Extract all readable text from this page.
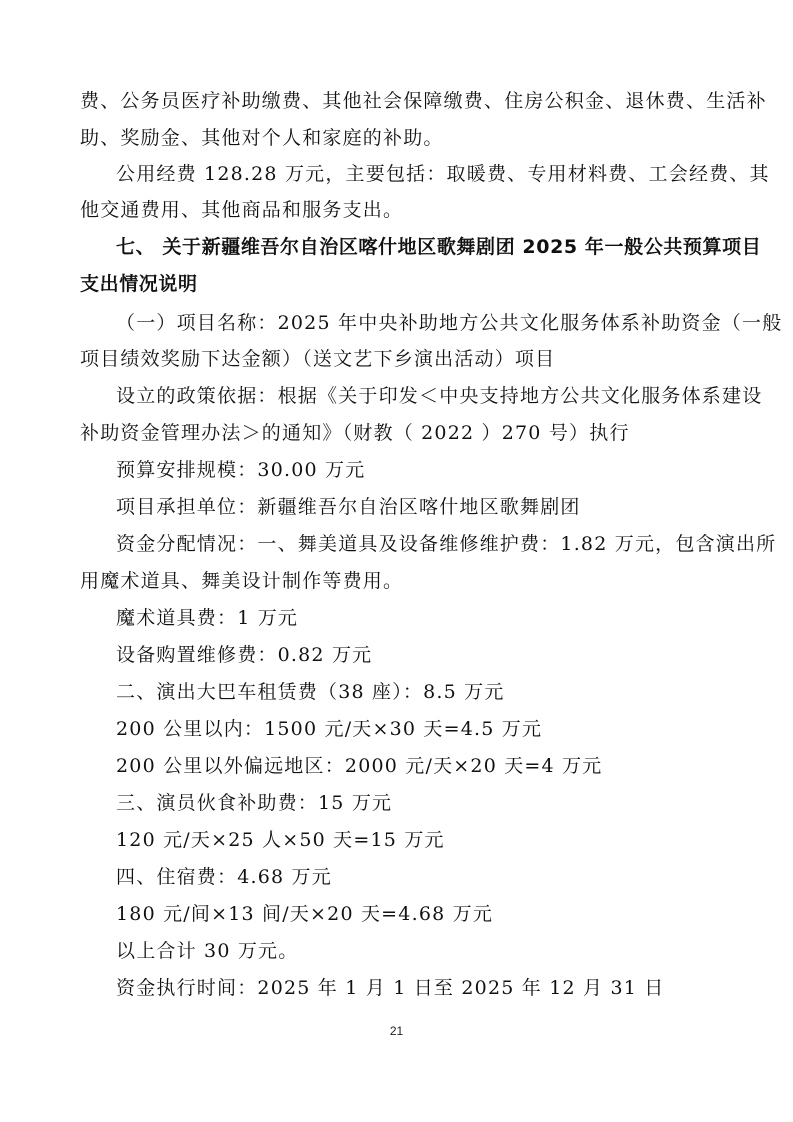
费、公务员医疗补助缴费、其他社会保障缴费、住房公积金、退休费、生活补
助、奖励金、其他对个人和家庭的补助。
公用经费 128.28 万元，主要包括：取暖费、专用材料费、工会经费、其
他交通费用、其他商品和服务支出。
七、 关于新疆维吾尔自治区喀什地区歌舞剧团 2025 年一般公共预算项目
支出情况说明
（一）项目名称：2025 年中央补助地方公共文化服务体系补助资金（一般
项目绩效奖励下达金额）（送文艺下乡演出活动）项目
设立的政策依据：根据《关于印发＜中央支持地方公共文化服务体系建设
补助资金管理办法＞的通知》（财教（ 2022 ）270 号）执行
预算安排规模：30.00 万元
项目承担单位：新疆维吾尔自治区喀什地区歌舞剧团
资金分配情况：一、舞美道具及设备维修维护费：1.82 万元，包含演出所
用魔术道具、舞美设计制作等费用。
魔术道具费：1 万元
设备购置维修费：0.82 万元
二、演出大巴车租赁费（38 座）：8.5 万元
200 公里以内：1500 元/天×30 天=4.5 万元
200 公里以外偏远地区：2000 元/天×20 天=4 万元
三、演员伙食补助费：15 万元
120 元/天×25 人×50 天=15 万元
四、住宿费：4.68 万元
180 元/间×13 间/天×20 天=4.68 万元
以上合计 30 万元。
资金执行时间：2025 年 1 月 1 日至 2025 年 12 月 31 日
21
